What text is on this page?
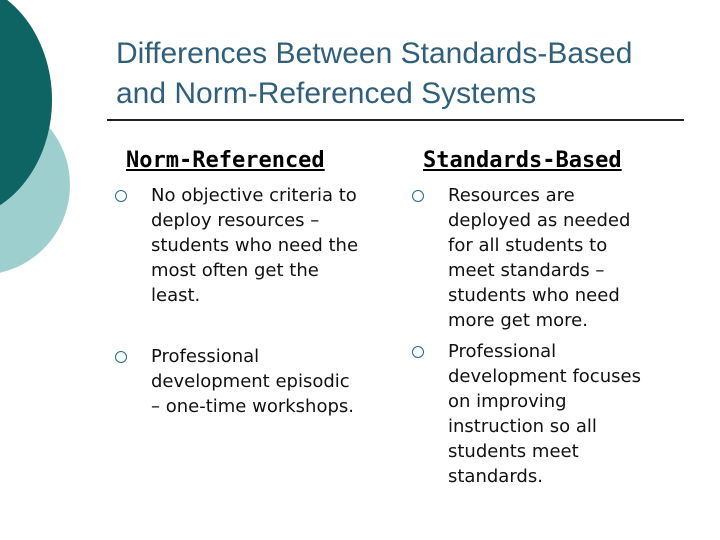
Differences Between Standards-Based
and Norm-Referenced Systems
Norm-Referenced	Standards-Based
No objective criteria to
deploy resources –
students who need the
most often get the
least.
Professional
development episodic
– one-time workshops.
Resources are
deployed as needed
for all students to
meet standards –
students who need
more get more.
Professional
development focuses
on improving
instruction so all
students meet
standards.
